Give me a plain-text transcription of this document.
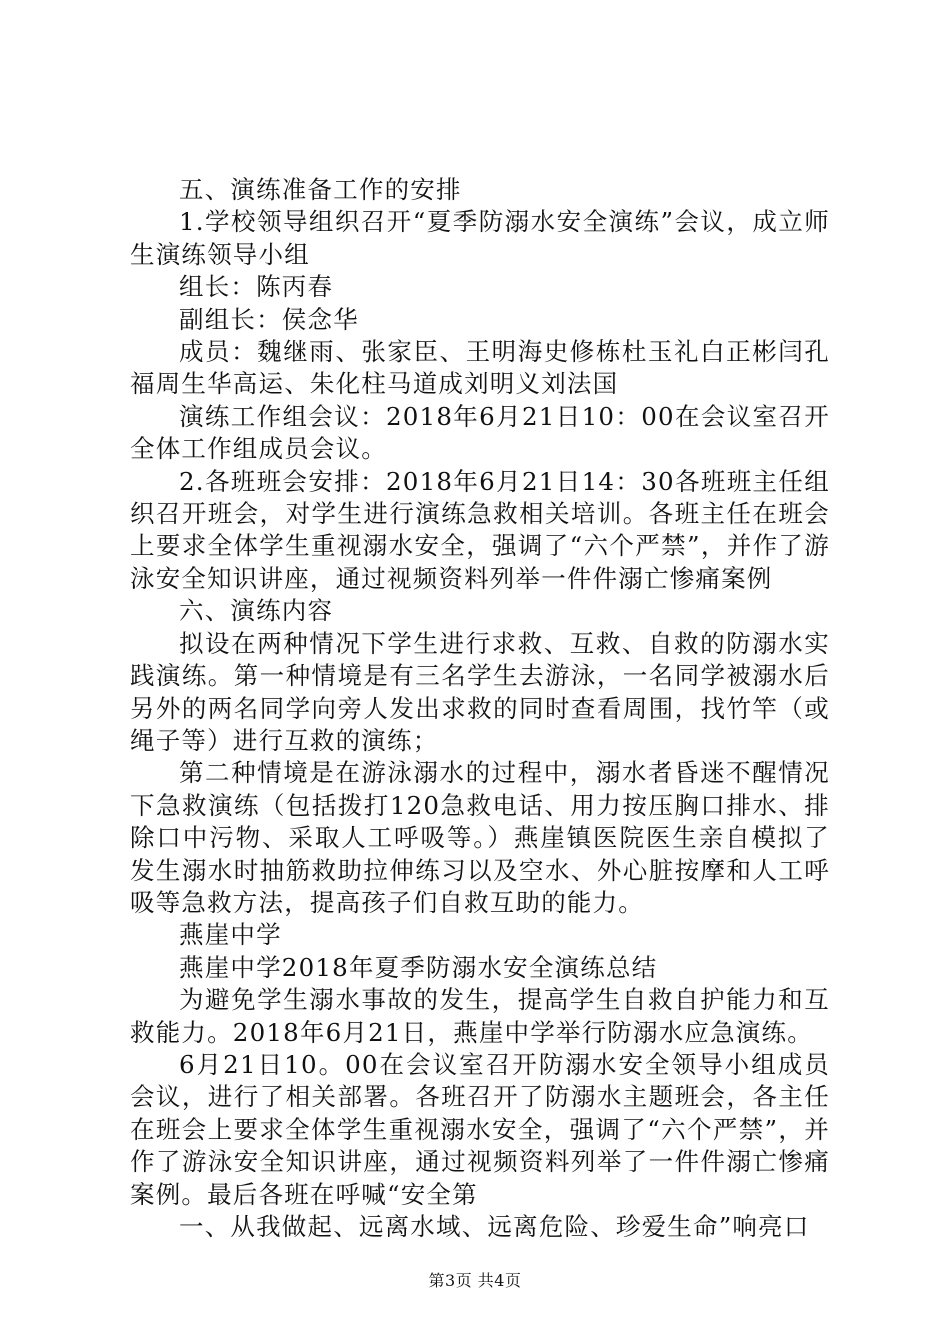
五、演练准备工作的安排

1.学校领导组织召开“夏季防溺水安全演练”会议，成立师生演练领导小组

组长：陈丙春

副组长：侯念华

成员：魏继雨、张家臣、王明海史修栋杜玉礼白正彬闫孔福周生华高运、朱化柱马道成刘明义刘法国

演练工作组会议：2018年6月21日10：00在会议室召开全体工作组成员会议。

2.各班班会安排：2018年6月21日14：30各班班主任组织召开班会，对学生进行演练急救相关培训。各班主任在班会上要求全体学生重视溺水安全，强调了“六个严禁”，并作了游泳安全知识讲座，通过视频资料列举一件件溺亡惨痛案例

六、演练内容

拟设在两种情况下学生进行求救、互救、自救的防溺水实践演练。第一种情境是有三名学生去游泳，一名同学被溺水后另外的两名同学向旁人发出求救的同时查看周围，找竹竿（或绳子等）进行互救的演练；

第二种情境是在游泳溺水的过程中，溺水者昏迷不醒情况下急救演练（包括拨打120急救电话、用力按压胸口排水、排除口中污物、采取人工呼吸等。）燕崖镇医院医生亲自模拟了发生溺水时抽筋救助拉伸练习以及空水、外心脏按摩和人工呼吸等急救方法，提高孩子们自救互助的能力。

燕崖中学

燕崖中学2018年夏季防溺水安全演练总结

为避免学生溺水事故的发生，提高学生自救自护能力和互救能力。2018年6月21日，燕崖中学举行防溺水应急演练。

6月21日10。00在会议室召开防溺水安全领导小组成员会议，进行了相关部署。各班召开了防溺水主题班会，各主任在班会上要求全体学生重视溺水安全，强调了“六个严禁”，并作了游泳安全知识讲座，通过视频资料列举了一件件溺亡惨痛案例。最后各班在呼喊“安全第

一、从我做起、远离水域、远离危险、珍爱生命”响亮口

第3页 共4页
